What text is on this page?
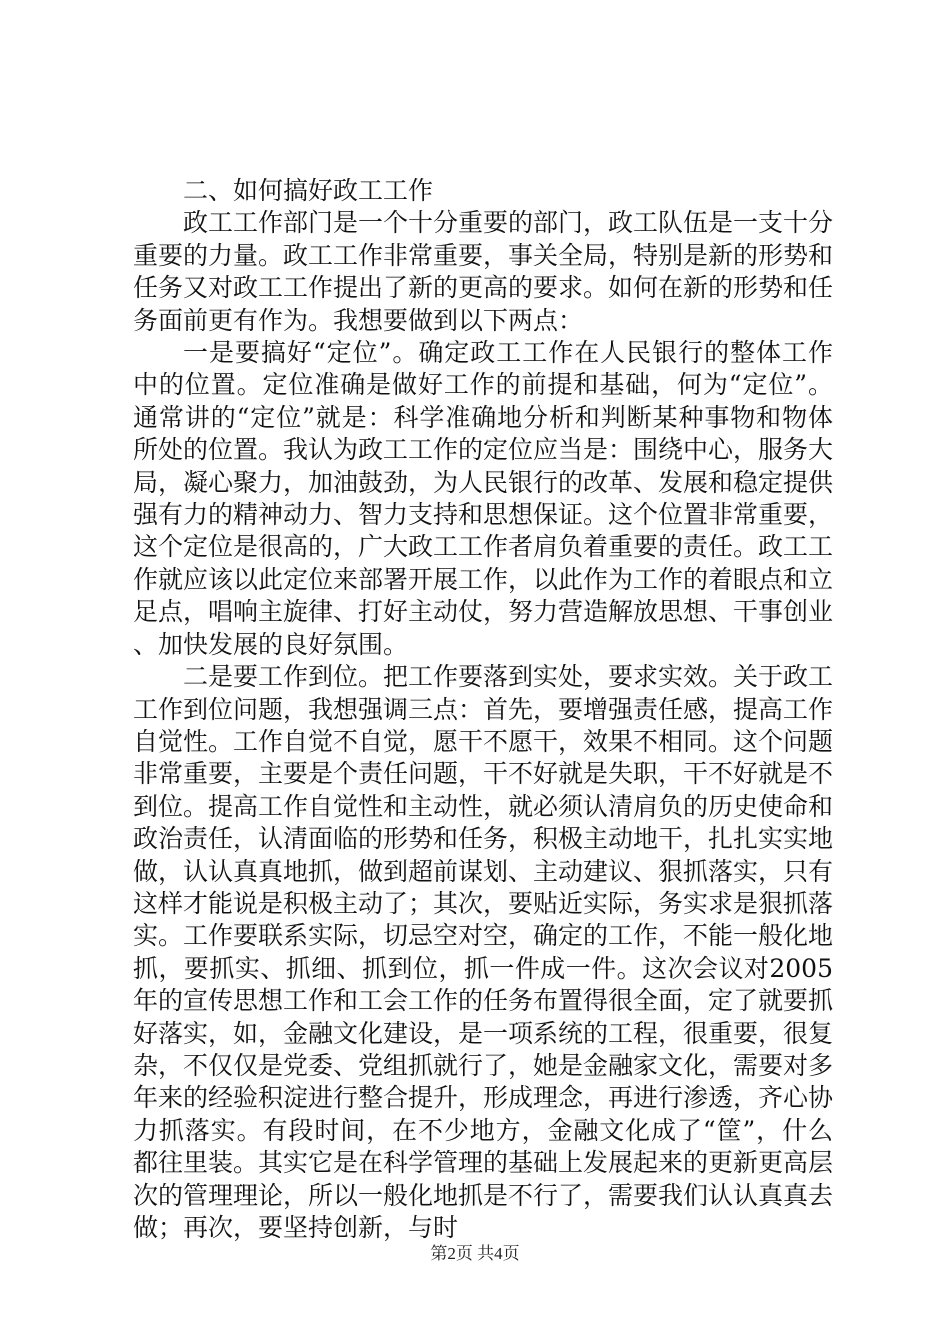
二、如何搞好政工工作

政工工作部门是一个十分重要的部门，政工队伍是一支十分重要的力量。政工工作非常重要，事关全局，特别是新的形势和任务又对政工工作提出了新的更高的要求。如何在新的形势和任务面前更有作为。我想要做到以下两点：

一是要搞好“定位”。确定政工工作在人民银行的整体工作中的位置。定位准确是做好工作的前提和基础，何为“定位”。通常讲的“定位”就是：科学准确地分析和判断某种事物和物体所处的位置。我认为政工工作的定位应当是：围绕中心，服务大局，凝心聚力，加油鼓劲，为人民银行的改革、发展和稳定提供强有力的精神动力、智力支持和思想保证。这个位置非常重要，这个定位是很高的，广大政工工作者肩负着重要的责任。政工工作就应该以此定位来部署开展工作，以此作为工作的着眼点和立足点，唱响主旋律、打好主动仗，努力营造解放思想、干事创业、加快发展的良好氛围。

二是要工作到位。把工作要落到实处，要求实效。关于政工工作到位问题，我想强调三点：首先，要增强责任感，提高工作自觉性。工作自觉不自觉，愿干不愿干，效果不相同。这个问题非常重要，主要是个责任问题，干不好就是失职，干不好就是不到位。提高工作自觉性和主动性，就必须认清肩负的历史使命和政治责任，认清面临的形势和任务，积极主动地干，扎扎实实地做，认认真真地抓，做到超前谋划、主动建议、狠抓落实，只有这样才能说是积极主动了；其次，要贴近实际，务实求是狠抓落实。工作要联系实际，切忌空对空，确定的工作，不能一般化地抓，要抓实、抓细、抓到位，抓一件成一件。这次会议对2005年的宣传思想工作和工会工作的任务布置得很全面，定了就要抓好落实，如，金融文化建设，是一项系统的工程，很重要，很复杂，不仅仅是党委、党组抓就行了，她是金融家文化，需要对多年来的经验积淀进行整合提升，形成理念，再进行渗透，齐心协力抓落实。有段时间，在不少地方，金融文化成了“筐”，什么都往里装。其实它是在科学管理的基础上发展起来的更新更高层次的管理理论，所以一般化地抓是不行了，需要我们认认真真去做；再次，要坚持创新，与时

第2页 共4页
